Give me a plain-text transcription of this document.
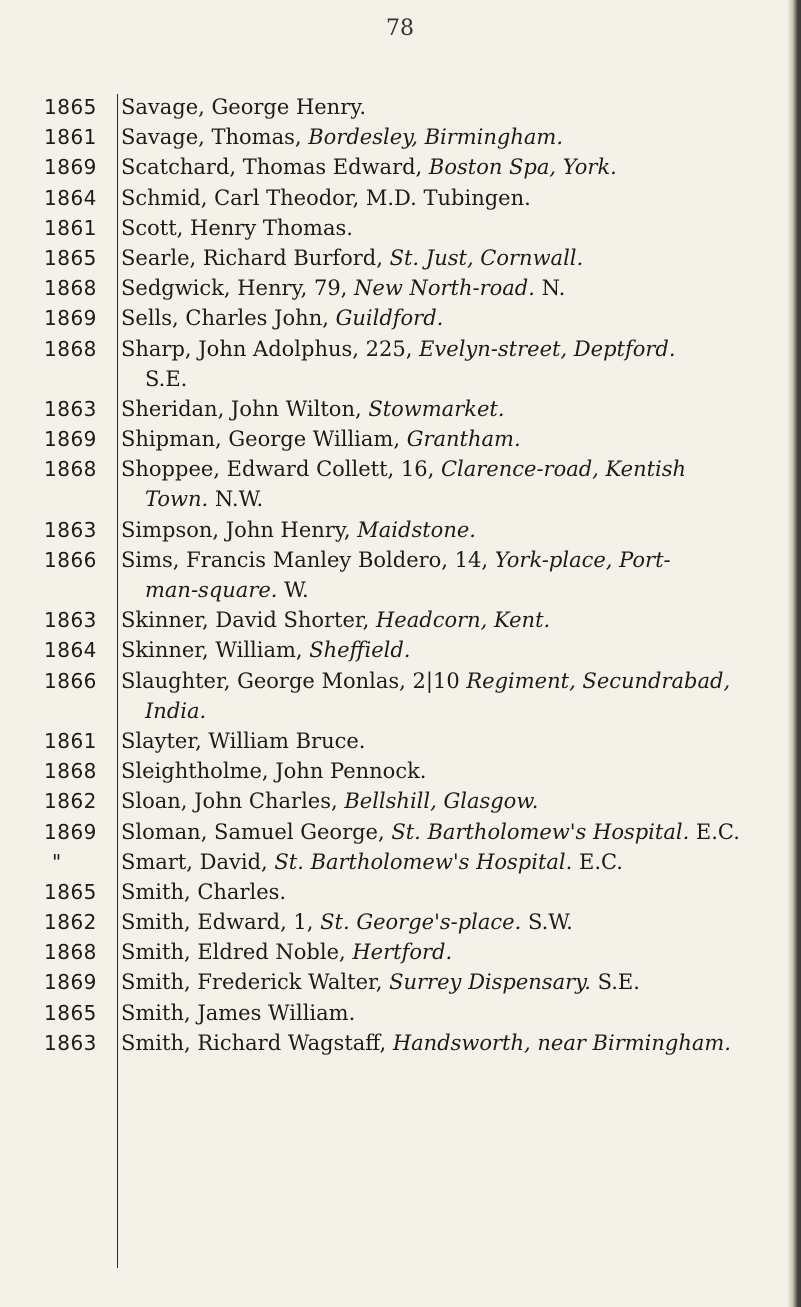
78
1865	Savage, George Henry.
1861	Savage, Thomas, Bordesley, Birmingham.
1869	Scatchard, Thomas Edward, Boston Spa, York.
1864	Schmid, Carl Theodor, M.D. Tubingen.
1861	Scott, Henry Thomas.
1865	Searle, Richard Burford, St. Just, Cornwall.
1868	Sedgwick, Henry, 79, New North-road. N.
1869	Sells, Charles John, Guildford.
1868	Sharp, John Adolphus, 225, Evelyn-street, Deptford.
S.E.
1863	Sheridan, John Wilton, Stowmarket.
1869	Shipman, George William, Grantham.
1868	Shoppee, Edward Collett, 16, Clarence-road, Kentish
Town. N.W.
1863	Simpson, John Henry, Maidstone.
1866	Sims, Francis Manley Boldero, 14, York-place, Port-
man-square. W.
1863	Skinner, David Shorter, Headcorn, Kent.
1864	Skinner, William, Sheffield.
1866	Slaughter, George Monlas, 2|10 Regiment, Secundrabad,
India.
1861	Slayter, William Bruce.
1868	Sleightholme, John Pennock.
1862	Sloan, John Charles, Bellshill, Glasgow.
1869	Sloman, Samuel George, St. Bartholomew's Hospital. E.C.
"	Smart, David, St. Bartholomew's Hospital. E.C.
1865	Smith, Charles.
1862	Smith, Edward, 1, St. George's-place. S.W.
1868	Smith, Eldred Noble, Hertford.
1869	Smith, Frederick Walter, Surrey Dispensary. S.E.
1865	Smith, James William.
1863	Smith, Richard Wagstaff, Handsworth, near Birmingham.
